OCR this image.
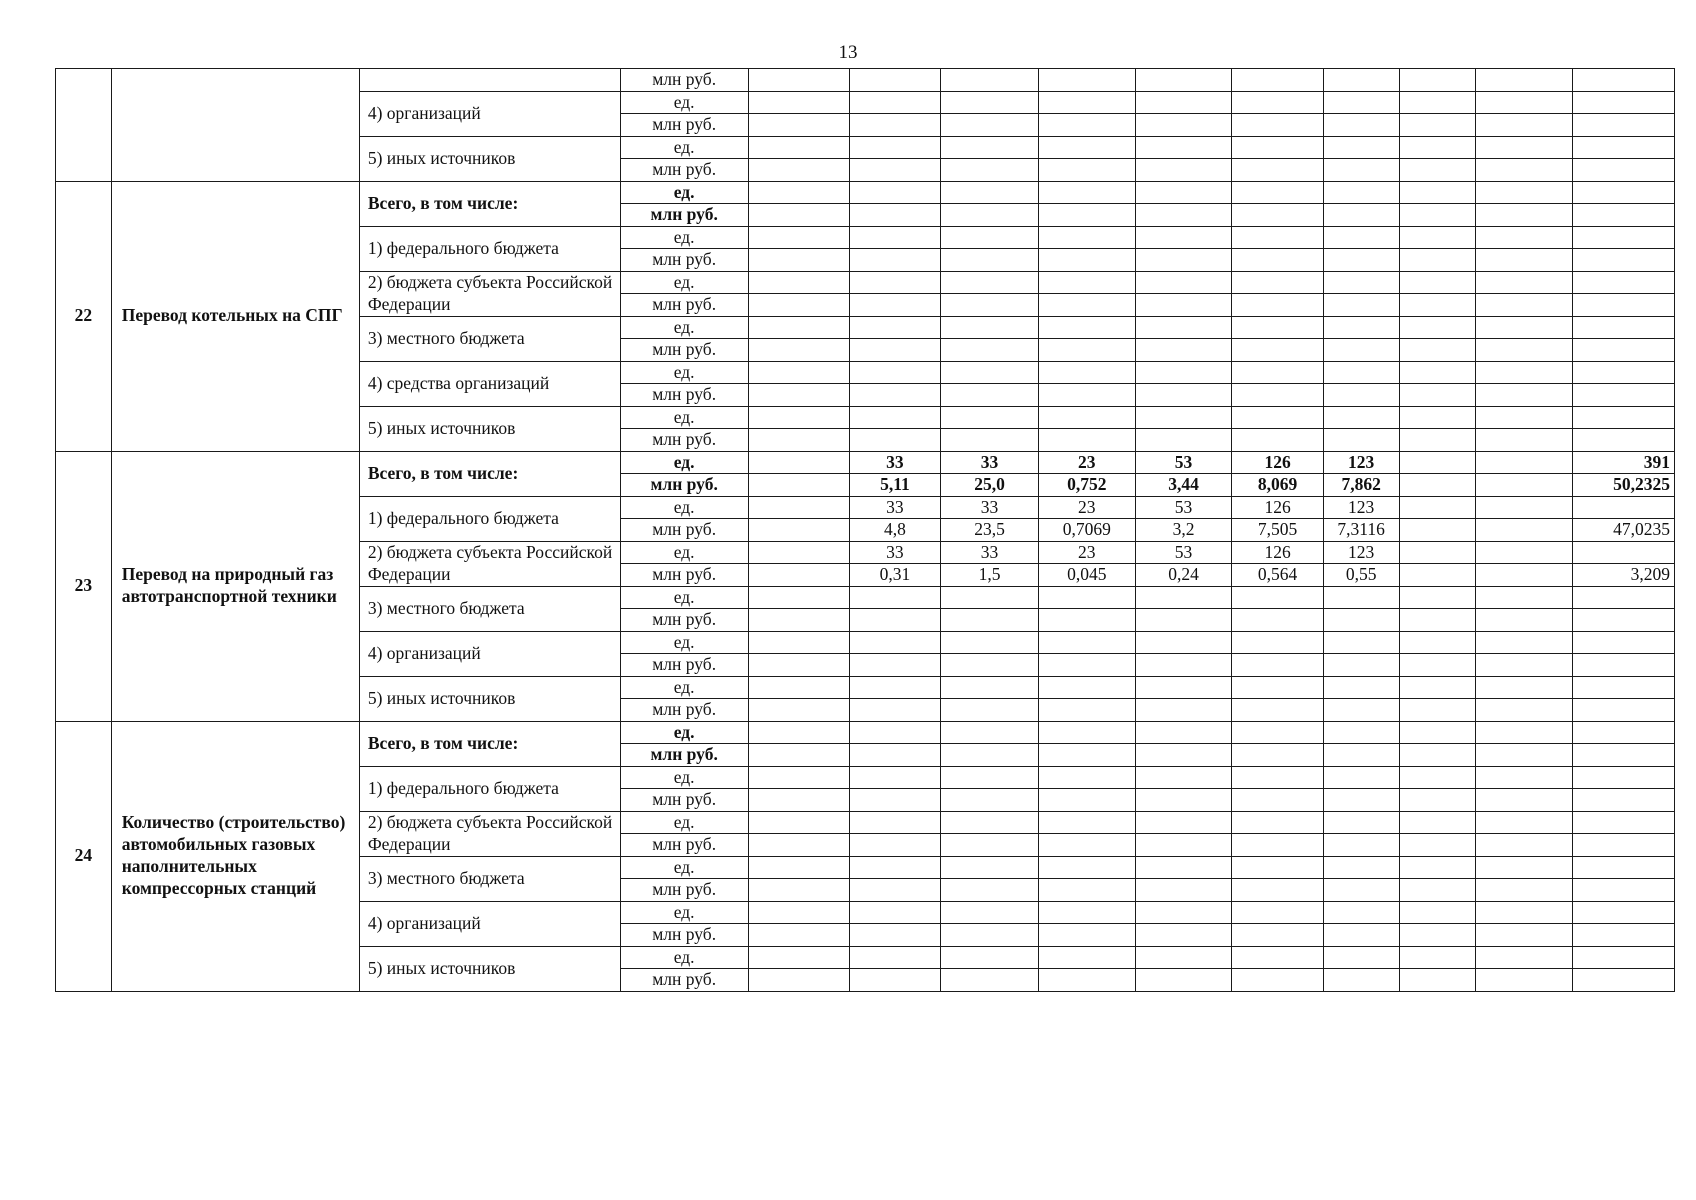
13
			млн руб.										
		4) организаций	ед.										
			млн руб.										
		5) иных источников	ед.										
			млн руб.										
22	Перевод котельных на СПГ	Всего, в том числе:	ед.										
			млн руб.										
		1) федерального бюджета	ед.										
			млн руб.										
		2) бюджета субъекта Российской Федерации	ед.										
			млн руб.										
		3) местного бюджета	ед.										
			млн руб.										
		4) средства организаций	ед.										
			млн руб.										
		5) иных источников	ед.										
			млн руб.										
23	Перевод на природный газ автотранспортной техники	Всего, в том числе:	ед.		33	33	23	53	126	123			391
			млн руб.		5,11	25,0	0,752	3,44	8,069	7,862			50,2325
		1) федерального бюджета	ед.		33	33	23	53	126	123			
			млн руб.		4,8	23,5	0,7069	3,2	7,505	7,3116			47,0235
		2) бюджета субъекта Российской Федерации	ед.		33	33	23	53	126	123			
			млн руб.		0,31	1,5	0,045	0,24	0,564	0,55			3,209
		3) местного бюджета	ед.										
			млн руб.										
		4) организаций	ед.										
			млн руб.										
		5) иных источников	ед.										
			млн руб.										
24	Количество (строительство) автомобильных газовых наполнительных компрессорных станций	Всего, в том числе:	ед.										
			млн руб.										
		1) федерального бюджета	ед.										
			млн руб.										
		2) бюджета субъекта Российской Федерации	ед.										
			млн руб.										
		3) местного бюджета	ед.										
			млн руб.										
		4) организаций	ед.										
			млн руб.										
		5) иных источников	ед.										
			млн руб.										
